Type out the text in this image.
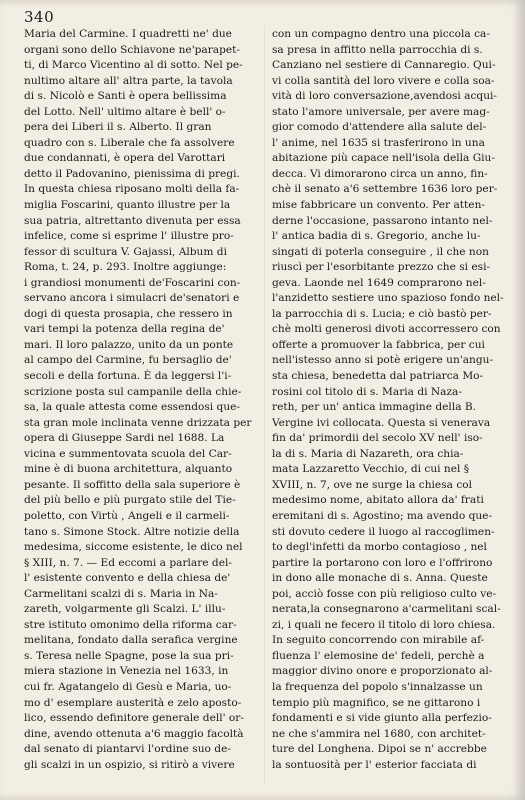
340
Maria del Carmine. I quadretti ne' due
organi sono dello Schiavone ne'parapet-
ti, di Marco Vicentino al di sotto. Nel pe-
nultimo altare all' altra parte, la tavola
di s. Nicolò e Santi è opera bellissima
del Lotto. Nell' ultimo altare è bell' o-
pera dei Liberi il s. Alberto. Il gran
quadro con s. Liberale che fa assolvere
due condannati, è opera del Varottari
detto il Padovanino, pienissima di pregi.
In questa chiesa riposano molti della fa-
miglia Foscarini, quanto illustre per la
sua patria, altrettanto divenuta per essa
infelice, come si esprime l' illustre pro-
fessor di scultura V. Gajassi, Album di
Roma, t. 24, p. 293. Inoltre aggiunge:
i grandiosi monumenti de'Foscarini con-
servano ancora i simulacri de'senatori e
dogi di questa prosapia, che ressero in
vari tempi la potenza della regina de'
mari. Il loro palazzo, unito da un ponte
al campo del Carmine, fu bersaglio de'
secoli e della fortuna. È da leggersi l'i-
scrizione posta sul campanile della chie-
sa, la quale attesta come essendosi que-
sta gran mole inclinata venne drizzata per
opera di Giuseppe Sardi nel 1688. La
vicina e summentovata scuola del Car-
mine è di buona architettura, alquanto
pesante. Il soffitto della sala superiore è
del più bello e più purgato stile del Tie-
poletto, con Virtù , Angeli e il carmeli-
tano s. Simone Stock. Altre notizie della
medesima, siccome esistente, le dico nel
§ XIII, n. 7. — Ed eccomi a parlare del-
l' esistente convento e della chiesa de'
Carmelitani scalzi di s. Maria in Na-
zareth, volgarmente gli Scalzi. L' illu-
stre istituto omonimo della riforma car-
melitana, fondato dalla serafica vergine
s. Teresa nelle Spagne, pose la sua pri-
miera stazione in Venezia nel 1633, in
cui fr. Agatangelo di Gesù e Maria, uo-
mo d' esemplare austerità e zelo aposto-
lico, essendo definitore generale dell' or-
dine, avendo ottenuta a'6 maggio facoltà
dal senato di piantarvi l'ordine suo de-
gli scalzi in un ospizio, si ritirò a vivere
con un compagno dentro una piccola ca-
sa presa in affitto nella parrocchia di s.
Canziano nel sestiere di Cannaregio. Qui-
vi colla santità del loro vivere e colla soa-
vità di loro conversazione,avendosi acqui-
stato l'amore universale, per avere mag-
gior comodo d'attendere alla salute del-
l' anime, nel 1635 si trasferirono in una
abitazione più capace nell'isola della Giu-
decca. Vi dimorarono circa un anno, fin-
chè il senato a'6 settembre 1636 loro per-
mise fabbricare un convento. Per atten-
derne l'occasione, passarono intanto nel-
l' antica badia di s. Gregorio, anche lu-
singati di poterla conseguire , il che non
riuscì per l'esorbitante prezzo che si esi-
geva. Laonde nel 1649 comprarono nel-
l'anzidetto sestiere uno spazioso fondo nel-
la parrocchia di s. Lucia; e ciò bastò per-
chè molti generosi divoti accorressero con
offerte a promuover la fabbrica, per cui
nell'istesso anno si potè erigere un'angu-
sta chiesa, benedetta dal patriarca Mo-
rosini col titolo di s. Maria di Naza-
reth, per un' antica immagine della B.
Vergine ivi collocata. Questa si venerava
fin da' primordii del secolo XV nell' iso-
la di s. Maria di Nazareth, ora chia-
mata Lazzaretto Vecchio, di cui nel §
XVIII, n. 7, ove ne surge la chiesa col
medesimo nome, abitato allora da' frati
eremitani di s. Agostino; ma avendo que-
sti dovuto cedere il luogo al raccoglimen-
to degl'infetti da morbo contagioso , nel
partire la portarono con loro e l'offrirono
in dono alle monache di s. Anna. Queste
poi, acciò fosse con più religioso culto ve-
nerata,la consegnarono a'carmelitani scal-
zi, i quali ne fecero il titolo di loro chiesa.
In seguito concorrendo con mirabile af-
fluenza l' elemosine de' fedeli, perchè a
maggior divino onore e proporzionato al-
la frequenza del popolo s'innalzasse un
tempio più magnifico, se ne gittarono i
fondamenti e si vide giunto alla perfezio-
ne che s'ammira nel 1680, con architet-
ture del Longhena. Dipoi se n' accrebbe
la sontuosità per l' esterior facciata di
